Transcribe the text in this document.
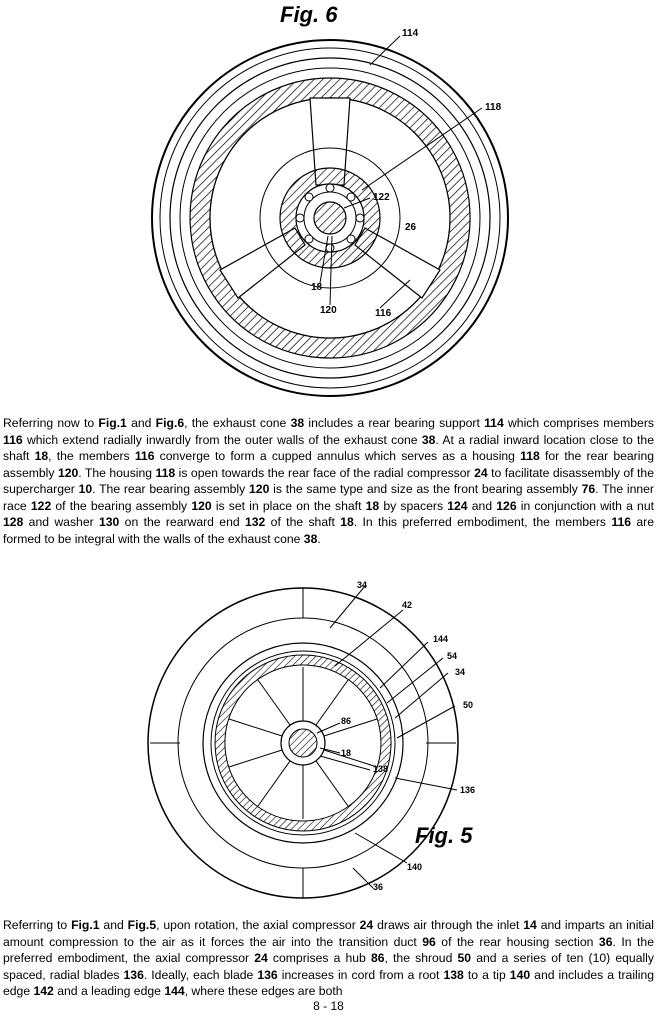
Fig. 6
114
118
122
26
18
120	116

Referring now to Fig.1 and Fig.6, the exhaust cone 38 includes a rear bearing support 114 which comprises members 116 which extend radially inwardly from the outer walls of the exhaust cone 38. At a radial inward location close to the shaft 18, the members 116 converge to form a cupped annulus which serves as a housing 118 for the rear bearing assembly 120. The housing 118 is open towards the rear face of the radial compressor 24 to facilitate disassembly of the supercharger 10. The rear bearing assembly 120 is the same type and size as the front bearing assembly 76. The inner race 122 of the bearing assembly 120 is set in place on the shaft 18 by spacers 124 and 126 in conjunction with a nut 128 and washer 130 on the rearward end 132 of the shaft 18. In this preferred embodiment, the members 116 are formed to be integral with the walls of the exhaust cone 38.

Fig. 5
34
42
144
54
34
50
86
18
138
136
140
36

Referring to Fig.1 and Fig.5, upon rotation, the axial compressor 24 draws air through the inlet 14 and imparts an initial amount compression to the air as it forces the air into the transition duct 96 of the rear housing section 36. In the preferred embodiment, the axial compressor 24 comprises a hub 86, the shroud 50 and a series of ten (10) equally spaced, radial blades 136. Ideally, each blade 136 increases in cord from a root 138 to a tip 140 and includes a trailing edge 142 and a leading edge 144, where these edges are both

8 - 18
